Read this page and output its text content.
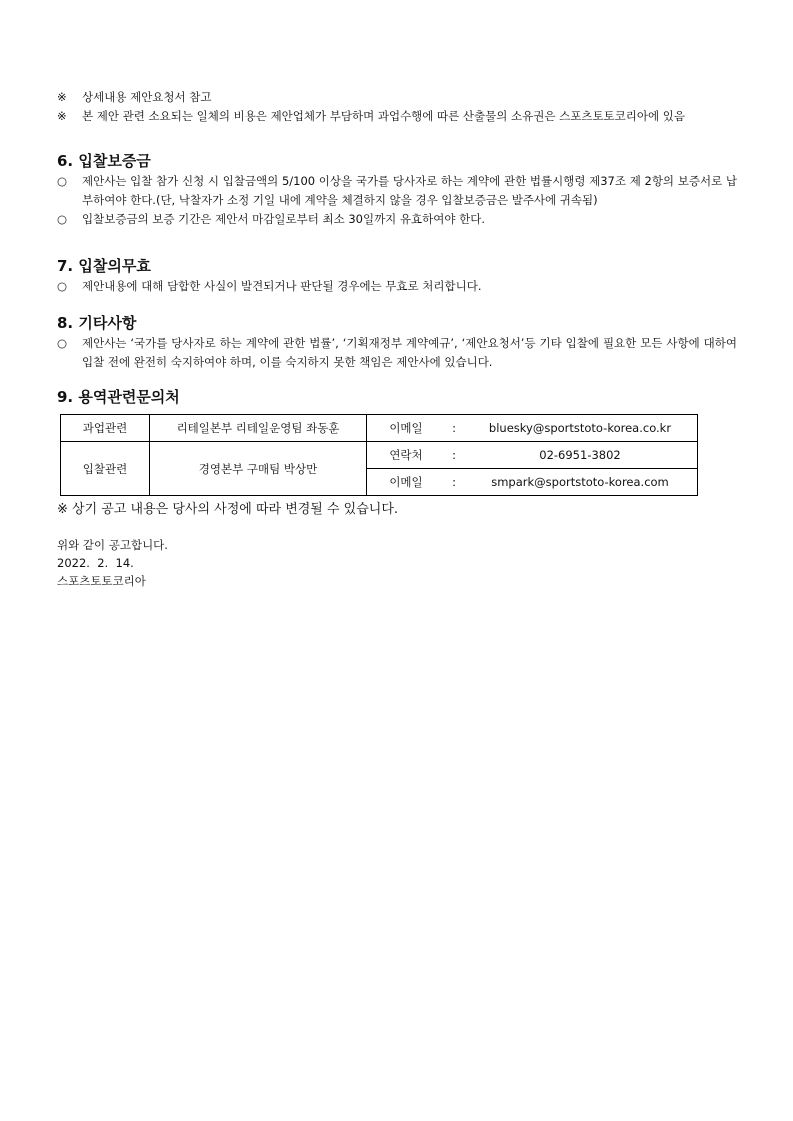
※	상세내용 제안요청서 참고
※	본 제안 관련 소요되는 일체의 비용은 제안업체가 부담하며 과업수행에 따른 산출물의 소유권은 스포츠토토코리아에 있음
6. 입찰보증금
○	제안사는 입찰 참가 신청 시 입찰금액의 5/100 이상을 국가를 당사자로 하는 계약에 관한 법률시행령 제37조 제 2항의 보증서로 납부하여야 한다.(단, 낙찰자가 소정 기일 내에 계약을 체결하지 않을 경우 입찰보증금은 발주사에 귀속됨)
○	입찰보증금의 보증 기간은 제안서 마감일로부터 최소 30일까지 유효하여야 한다.
7. 입찰의무효
○	제안내용에 대해 담합한 사실이 발견되거나 판단될 경우에는 무효로 처리합니다.
8. 기타사항
○	제안사는 ‘국가를 당사자로 하는 계약에 관한 법률’, ‘기획재정부 계약예규’, ‘제안요청서’등 기타 입찰에 필요한 모든 사항에 대하여 입찰 전에 완전히 숙지하여야 하며, 이를 숙지하지 못한 책임은 제안사에 있습니다.
9. 용역관련문의처
과업관련	리테일본부 리테일운영팀 좌동훈	이메일	:	bluesky@sportstoto-korea.co.kr
입찰관련	경영본부 구매팀 박상만	연락처	:	02-6951-3802
		이메일	:	smpark@sportstoto-korea.com
※ 상기 공고 내용은 당사의 사정에 따라 변경될 수 있습니다.
위와 같이 공고합니다.
2022.  2.  14.
스포츠토토코리아
